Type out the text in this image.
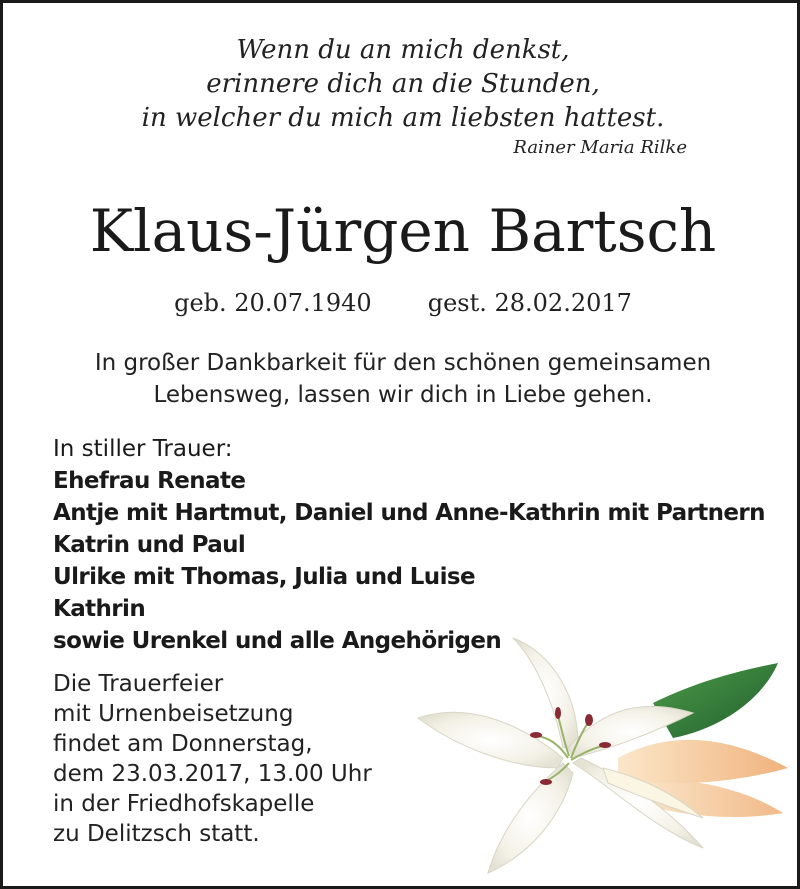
Wenn du an mich denkst,
erinnere dich an die Stunden,
in welcher du mich am liebsten hattest.
Rainer Maria Rilke
Klaus-Jürgen Bartsch
geb. 20.07.1940 gest. 28.02.2017
In großer Dankbarkeit für den schönen gemeinsamen
Lebensweg, lassen wir dich in Liebe gehen.
In stiller Trauer:
Ehefrau Renate
Antje mit Hartmut, Daniel und Anne-Kathrin mit Partnern
Katrin und Paul
Ulrike mit Thomas, Julia und Luise
Kathrin
sowie Urenkel und alle Angehörigen
Die Trauerfeier
mit Urnenbeisetzung
findet am Donnerstag,
dem 23.03.2017, 13.00 Uhr
in der Friedhofskapelle
zu Delitzsch statt.
